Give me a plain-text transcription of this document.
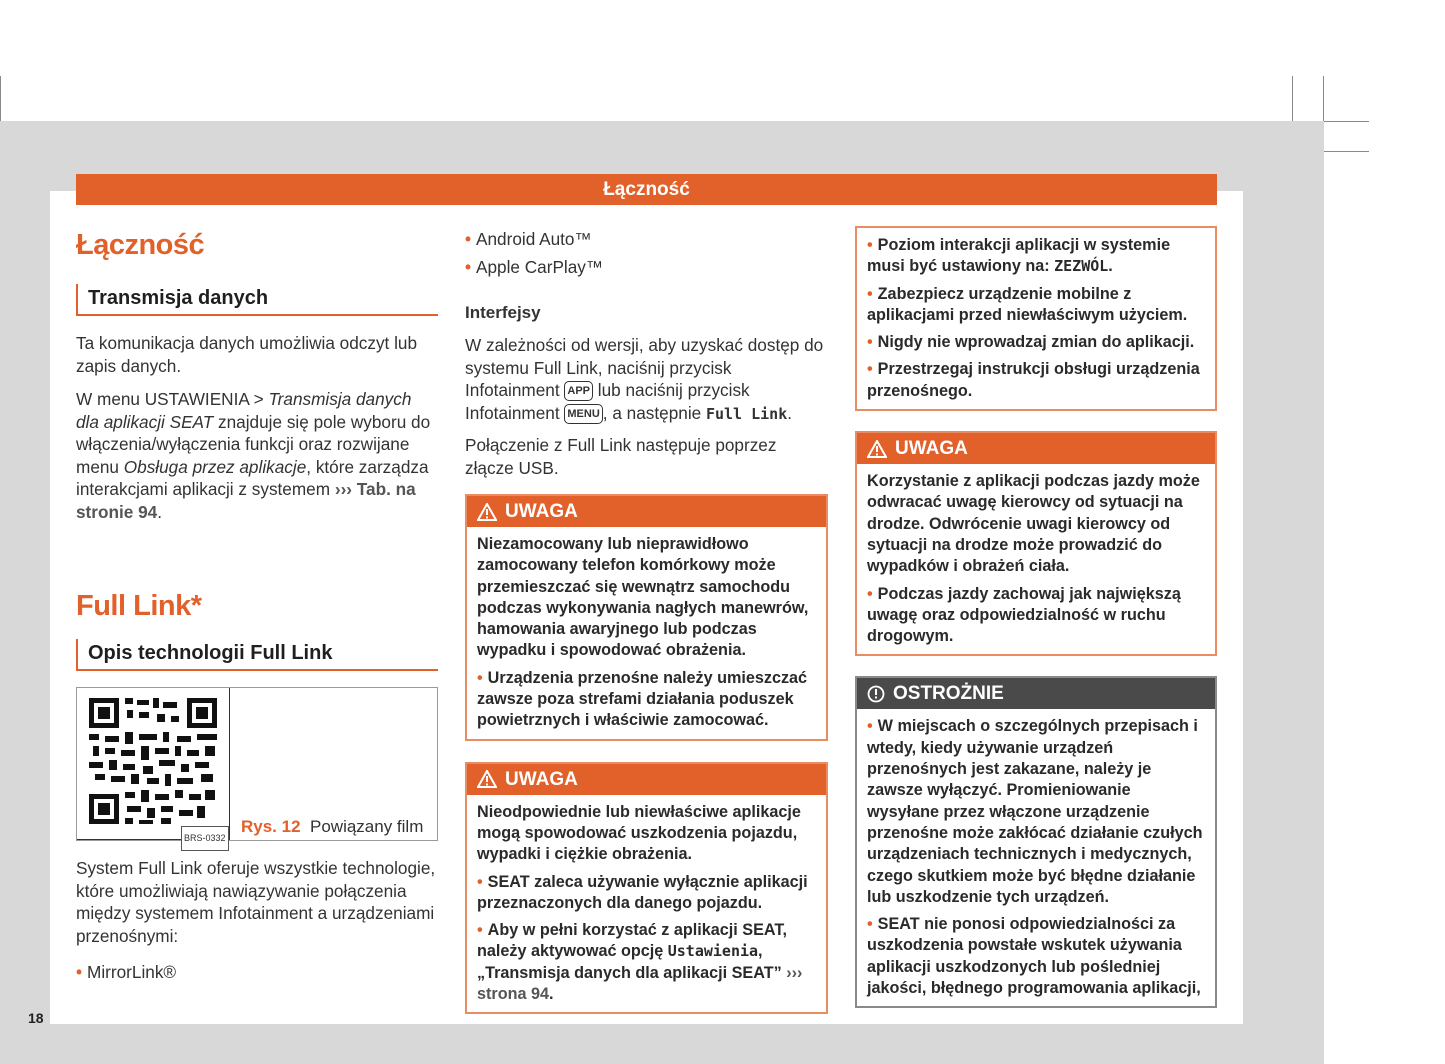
18
Łączność
Łączność
Transmisja danych

Ta komunikacja danych umożliwia odczyt lub zapis danych.

W menu USTAWIENIA > Transmisja danych dla aplikacji SEAT znajduje się pole wyboru do włączenia/wyłączenia funkcji oraz rozwijane menu Obsługa przez aplikacje, które zarządza interakcjami aplikacji z systemem ››› Tab. na stronie 94.

Full Link*
Opis technologii Full Link
BRS-0332
Rys. 12 Powiązany film

System Full Link oferuje wszystkie technologie, które umożliwiają nawiązywanie połączenia między systemem Infotainment a urządzeniami przenośnymi:

• MirrorLink®

• Android Auto™

• Apple CarPlay™

Interfejsy

W zależności od wersji, aby uzyskać dostęp do systemu Full Link, naciśnij przycisk Infotainment APP lub naciśnij przycisk Infotainment MENU , a następnie Full Link.

Połączenie z Full Link następuje poprzez złącze USB.

UWAGA

Niezamocowany lub nieprawidłowo zamocowany telefon komórkowy może przemieszczać się wewnątrz samochodu podczas wykonywania nagłych manewrów, hamowania awaryjnego lub podczas wypadku i spowodować obrażenia.

• Urządzenia przenośne należy umieszczać zawsze poza strefami działania poduszek powietrznych i właściwie zamocować.

UWAGA

Nieodpowiednie lub niewłaściwe aplikacje mogą spowodować uszkodzenia pojazdu, wypadki i ciężkie obrażenia.

• SEAT zaleca używanie wyłącznie aplikacji przeznaczonych dla danego pojazdu.

• Aby w pełni korzystać z aplikacji SEAT, należy aktywować opcję Ustawienia, „Transmisja danych dla aplikacji SEAT” ››› strona 94.

• Poziom interakcji aplikacji w systemie musi być ustawiony na: ZEZWÓL.

• Zabezpiecz urządzenie mobilne z aplikacjami przed niewłaściwym użyciem.

• Nigdy nie wprowadzaj zmian do aplikacji.

• Przestrzegaj instrukcji obsługi urządzenia przenośnego.

UWAGA

Korzystanie z aplikacji podczas jazdy może odwracać uwagę kierowcy od sytuacji na drodze. Odwrócenie uwagi kierowcy od sytuacji na drodze może prowadzić do wypadków i obrażeń ciała.

• Podczas jazdy zachowaj jak największą uwagę oraz odpowiedzialność w ruchu drogowym.

OSTROŻNIE

• W miejscach o szczególnych przepisach i wtedy, kiedy używanie urządzeń przenośnych jest zakazane, należy je zawsze wyłączyć. Promieniowanie wysyłane przez włączone urządzenie przenośne może zakłócać działanie czułych urządzeniach technicznych i medycznych, czego skutkiem może być błędne działanie lub uszkodzenie tych urządzeń.

• SEAT nie ponosi odpowiedzialności za uszkodzenia powstałe wskutek używania aplikacji uszkodzonych lub pośledniej jakości, błędnego programowania aplikacji,
